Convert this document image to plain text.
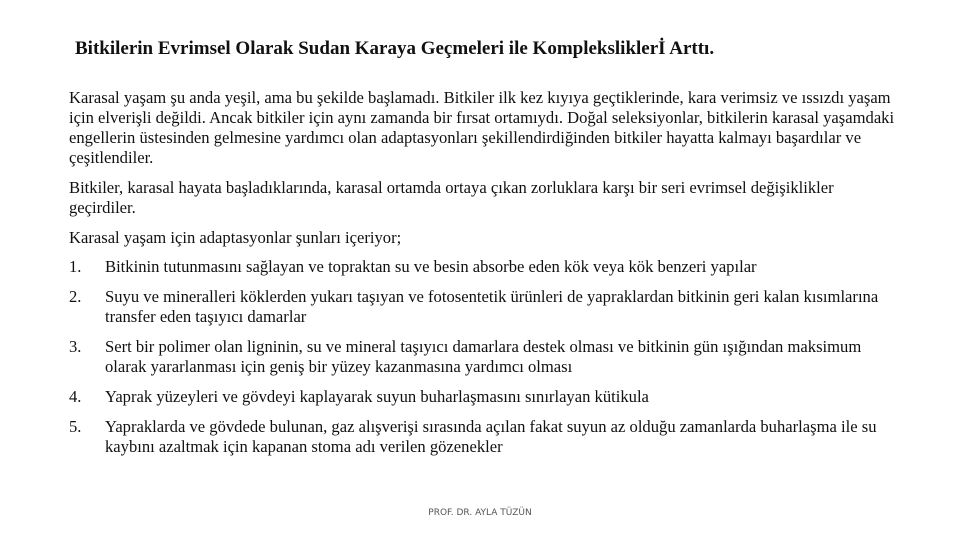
Bitkilerin Evrimsel Olarak Sudan Karaya Geçmeleri ile Kompleksliklerİ Arttı.

Karasal yaşam şu anda yeşil, ama bu şekilde başlamadı. Bitkiler ilk kez kıyıya geçtiklerinde, kara verimsiz ve ıssızdı yaşam için elverişli değildi. Ancak bitkiler için aynı zamanda bir fırsat ortamıydı. Doğal seleksiyonlar, bitkilerin karasal yaşamdaki engellerin üstesinden gelmesine yardımcı olan adaptasyonları şekillendirdiğinden bitkiler hayatta kalmayı başardılar ve çeşitlendiler.

Bitkiler, karasal hayata başladıklarında, karasal ortamda ortaya çıkan zorluklara karşı bir seri evrimsel değişiklikler geçirdiler.

Karasal yaşam için adaptasyonlar şunları içeriyor;

1.	Bitkinin tutunmasını sağlayan ve topraktan su ve besin absorbe eden kök veya kök benzeri yapılar
2.	Suyu ve mineralleri köklerden yukarı taşıyan ve fotosentetik ürünleri de yapraklardan bitkinin geri kalan kısımlarına transfer eden taşıyıcı damarlar
3.	Sert bir polimer olan ligninin, su ve mineral taşıyıcı damarlara destek olması ve bitkinin gün ışığından maksimum olarak yararlanması için geniş bir yüzey kazanmasına yardımcı olması
4.	Yaprak yüzeyleri ve gövdeyi kaplayarak suyun buharlaşmasını sınırlayan kütikula
5.	Yapraklarda ve gövdede bulunan, gaz alışverişi sırasında açılan fakat suyun az olduğu zamanlarda buharlaşma ile su kaybını azaltmak için kapanan stoma adı verilen gözenekler
PROF. DR. AYLA TÜZÜN
